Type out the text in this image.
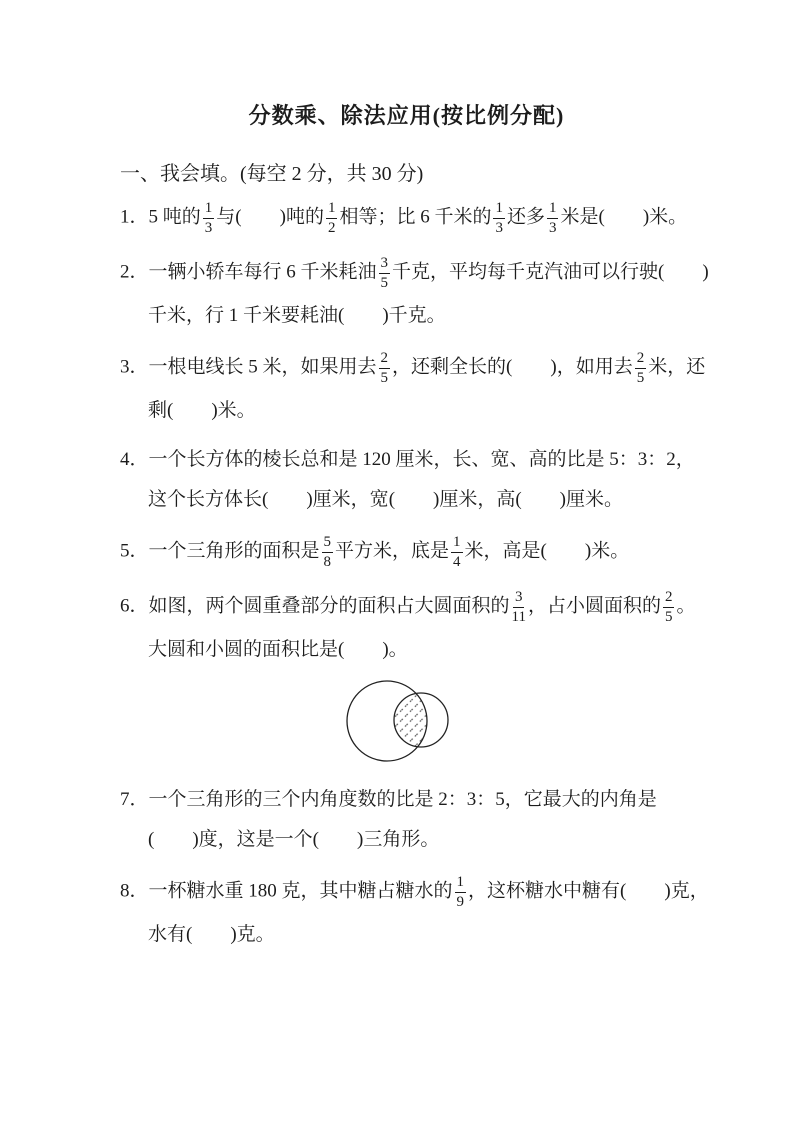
分数乘、除法应用(按比例分配)
一、我会填。(每空 2 分，共 30 分)
1．5 吨的 $\frac{1}{3}$ 与(　　)吨的 $\frac{1}{2}$ 相等；比 6 千米的 $\frac{1}{3}$ 还多 $\frac{1}{3}$ 米是(　　)米。
2．一辆小轿车每行 6 千米耗油 $\frac{3}{5}$ 千克，平均每千克汽油可以行驶(　　)
千米，行 1 千米要耗油(　　)千克。
3．一根电线长 5 米，如果用去 $\frac{2}{5}$ ，还剩全长的(　　)，如用去 $\frac{2}{5}$ 米，还
剩(　　)米。
4．一个长方体的棱长总和是 120 厘米，长、宽、高的比是 5：3：2，
这个长方体长(　　)厘米，宽(　　)厘米，高(　　)厘米。
5．一个三角形的面积是 $\frac{5}{8}$ 平方米，底是 $\frac{1}{4}$ 米，高是(　　)米。
6．如图，两个圆重叠部分的面积占大圆面积的 $\frac{3}{11}$ ，占小圆面积的 $\frac{2}{5}$ 。
大圆和小圆的面积比是(　　)。
7．一个三角形的三个内角度数的比是 2：3：5，它最大的内角是
(　　)度，这是一个(　　)三角形。
8．一杯糖水重 180 克，其中糖占糖水的 $\frac{1}{9}$ ，这杯糖水中糖有(　　)克，
水有(　　)克。
